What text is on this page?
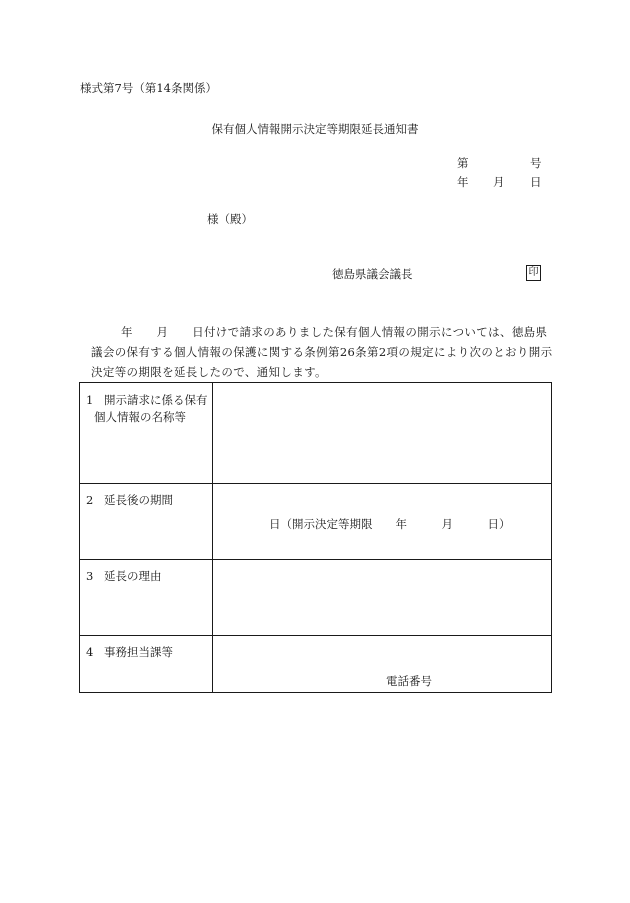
様式第7号（第14条関係）
保有個人情報開示決定等期限延長通知書
第	号
年 月 日
様（殿）
徳島県議会議長	印
年　　月　　日付けで請求のありました保有個人情報の開示については、徳島県議会の保有する個人情報の保護に関する条例第26条第2項の規定により次のとおり開示決定等の期限を延長したので、通知します。
1 開示請求に係る保有
個人情報の名称等
2 延長後の期間
日（開示決定等期限　　年　　　月　　　日）
3 延長の理由
4 事務担当課等
電話番号
